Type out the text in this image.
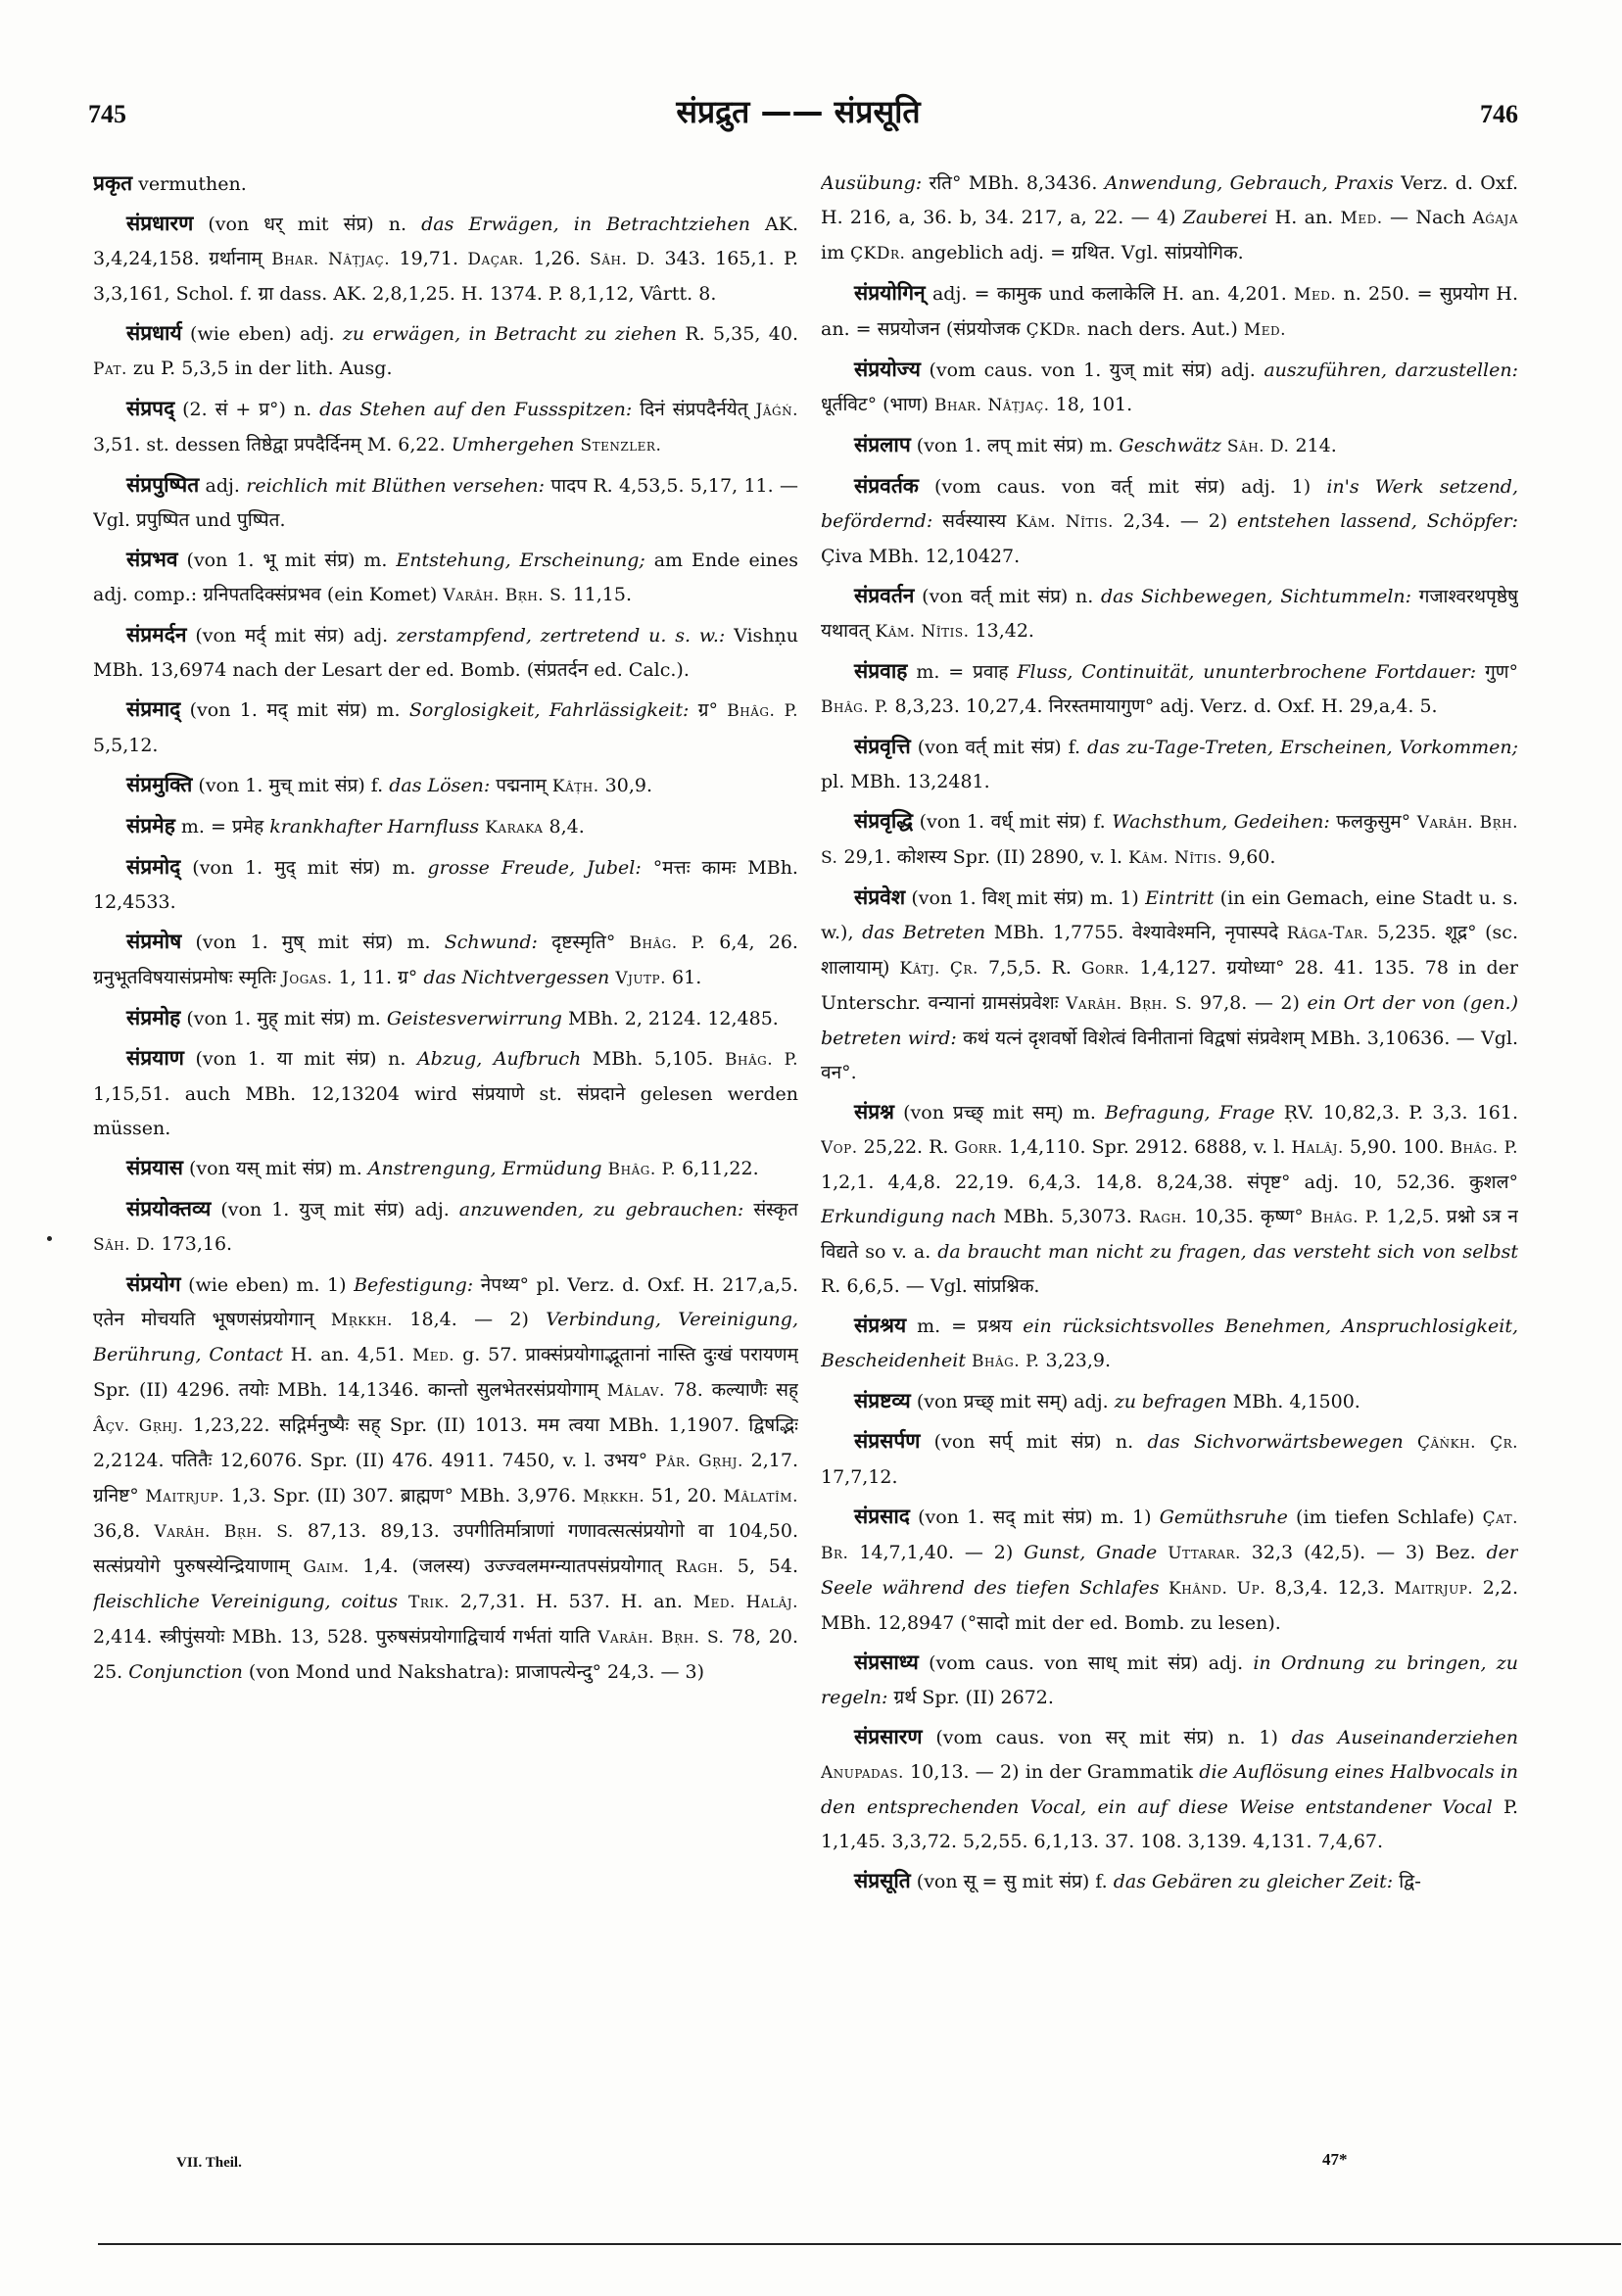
745	संप्रद्रुत —— संप्रसूति	746

प्रकृत vermuthen.

संप्रधारण (von धर् mit संप्र) n. das Erwägen, in Betrachtziehen AK. 3,4,24,158. ग्रर्थानाम् Bhar. Nâṭjaç. 19,71. Daçar. 1,26. Sâh. D. 343. 165,1. P. 3,3,161, Schol. f. ग्रा dass. AK. 2,8,1,25. H. 1374. P. 8,1,12, Vârtt. 8.

संप्रधार्य (wie eben) adj. zu erwägen, in Betracht zu ziehen R. 5,35, 40. Pat. zu P. 5,3,5 in der lith. Ausg.

संप्रपद् (2. सं + प्र°) n. das Stehen auf den Fussspitzen: दिनं संप्रपदैर्नयेत् Jâǵń. 3,51. st. dessen तिष्ठेद्वा प्रपदैर्दिनम् M. 6,22. Umhergehen Stenzler.

संप्रपुष्पित adj. reichlich mit Blüthen versehen: पादप R. 4,53,5. 5,17, 11. — Vgl. प्रपुष्पित und पुष्पित.

संप्रभव (von 1. भू mit संप्र) m. Entstehung, Erscheinung; am Ende eines adj. comp.: ग्रनिपतदिक्संप्रभव (ein Komet) Varâh. Bṛh. S. 11,15.

संप्रमर्दन (von मर्द् mit संप्र) adj. zerstampfend, zertretend u. s. w.: Vishṇu MBh. 13,6974 nach der Lesart der ed. Bomb. (संप्रतर्दन ed. Calc.).

संप्रमाद् (von 1. मद् mit संप्र) m. Sorglosigkeit, Fahrlässigkeit: ग्र° Bhâg. P. 5,5,12.

संप्रमुक्ति (von 1. मुच् mit संप्र) f. das Lösen: पद्मनाम् Kâṭh. 30,9.

संप्रमेह m. = प्रमेह krankhafter Harnfluss Karaka 8,4.

संप्रमोद् (von 1. मुद् mit संप्र) m. grosse Freude, Jubel: °मत्तः कामः MBh. 12,4533.

संप्रमोष (von 1. मुष् mit संप्र) m. Schwund: दृष्टस्मृति° Bhâg. P. 6,4, 26. ग्रनुभूतविषयासंप्रमोषः स्मृतिः Jogas. 1, 11. ग्र° das Nichtvergessen Vjutp. 61.

संप्रमोह (von 1. मुह् mit संप्र) m. Geistesverwirrung MBh. 2, 2124. 12,485.

संप्रयाण (von 1. या mit संप्र) n. Abzug, Aufbruch MBh. 5,105. Bhâg. P. 1,15,51. auch MBh. 12,13204 wird संप्रयाणे st. संप्रदाने gelesen werden müssen.

संप्रयास (von यस् mit संप्र) m. Anstrengung, Ermüdung Bhâg. P. 6,11,22.

संप्रयोक्तव्य (von 1. युज् mit संप्र) adj. anzuwenden, zu gebrauchen: संस्कृत Sâh. D. 173,16.

संप्रयोग (wie eben) m. 1) Befestigung: नेपथ्य° pl. Verz. d. Oxf. H. 217,a,5. एतेन मोचयति भूषणसंप्रयोगान् Mṛkkh. 18,4. — 2) Verbindung, Vereinigung, Berührung, Contact H. an. 4,51. Med. g. 57. प्राक्संप्रयोगाद्भूतानां नास्ति दुःखं परायणम् Spr. (II) 4296. तयोः MBh. 14,1346. कान्तो सुलभेतरसंप्रयोगाम् Mâlav. 78. कल्याणैः सह् Âçv. Gṛhj. 1,23,22. सद्गिर्मनुष्यैः सह् Spr. (II) 1013. मम त्वया MBh. 1,1907. द्विषद्भिः 2,2124. पतितैः 12,6076. Spr. (II) 476. 4911. 7450, v. l. उभय° Pâr. Gṛhj. 2,17. ग्रनिष्ट° Maitrjup. 1,3. Spr. (II) 307. ब्राह्मण° MBh. 3,976. Mṛkkh. 51, 20. Mâlatîm. 36,8. Varâh. Bṛh. S. 87,13. 89,13. उपगीतिर्मात्राणां गणावत्सत्संप्रयोगो वा 104,50. सत्संप्रयोगे पुरुषस्येन्द्रियाणाम् Gaim. 1,4. (जलस्य) उज्ज्वलमग्न्यातपसंप्रयोगात् Ragh. 5, 54. fleischliche Vereinigung, coitus Trik. 2,7,31. H. 537. H. an. Med. Halâj. 2,414. स्त्रीपुंसयोः MBh. 13, 528. पुरुषसंप्रयोगाद्विचार्य गर्भतां याति Varâh. Bṛh. S. 78, 20. 25. Conjunction (von Mond und Nakshatra): प्राजापत्येन्दु° 24,3. — 3)

Ausübung: रति° MBh. 8,3436. Anwendung, Gebrauch, Praxis Verz. d. Oxf. H. 216, a, 36. b, 34. 217, a, 22. — 4) Zauberei H. an. Med. — Nach Aǵaja im ÇKDr. angeblich adj. = ग्रथित. Vgl. सांप्रयोगिक.

संप्रयोगिन् adj. = कामुक und कलाकेलि H. an. 4,201. Med. n. 250. = सुप्रयोग H. an. = सप्रयोजन (संप्रयोजक ÇKDr. nach ders. Aut.) Med.

संप्रयोज्य (vom caus. von 1. युज् mit संप्र) adj. auszuführen, darzustellen: धूर्तविट° (भाण) Bhar. Nâṭjaç. 18, 101.

संप्रलाप (von 1. लप् mit संप्र) m. Geschwätz Sâh. D. 214.

संप्रवर्तक (vom caus. von वर्त् mit संप्र) adj. 1) in's Werk setzend, befördernd: सर्वस्यास्य Kâm. Nîtis. 2,34. — 2) entstehen lassend, Schöpfer: Çiva MBh. 12,10427.

संप्रवर्तन (von वर्त् mit संप्र) n. das Sichbewegen, Sichtummeln: गजाश्वरथपृष्ठेषु यथावत् Kâm. Nîtis. 13,42.

संप्रवाह m. = प्रवाह Fluss, Continuität, ununterbrochene Fortdauer: गुण° Bhâg. P. 8,3,23. 10,27,4. निरस्तमायागुण° adj. Verz. d. Oxf. H. 29,a,4. 5.

संप्रवृत्ति (von वर्त् mit संप्र) f. das zu-Tage-Treten, Erscheinen, Vorkommen; pl. MBh. 13,2481.

संप्रवृद्धि (von 1. वर्ध् mit संप्र) f. Wachsthum, Gedeihen: फलकुसुम° Varâh. Bṛh. S. 29,1. कोशस्य Spr. (II) 2890, v. l. Kâm. Nîtis. 9,60.

संप्रवेश (von 1. विश् mit संप्र) m. 1) Eintritt (in ein Gemach, eine Stadt u. s. w.), das Betreten MBh. 1,7755. वेश्यावेश्मनि, नृपास्पदे Râga-Tar. 5,235. शूद्र° (sc. शालायाम्) Kâtj. Çr. 7,5,5. R. Gorr. 1,4,127. ग्रयोध्या° 28. 41. 135. 78 in der Unterschr. वन्यानां ग्रामसंप्रवेशः Varâh. Bṛh. S. 97,8. — 2) ein Ort der von (gen.) betreten wird: कथं यत्नं दृशवर्षो विशेत्वं विनीतानां विद्वषां संप्रवेशम् MBh. 3,10636. — Vgl. वन°.

संप्रश्न (von प्रच्छ् mit सम्) m. Befragung, Frage ṚV. 10,82,3. P. 3,3. 161. Vop. 25,22. R. Gorr. 1,4,110. Spr. 2912. 6888, v. l. Halâj. 5,90. 100. Bhâg. P. 1,2,1. 4,4,8. 22,19. 6,4,3. 14,8. 8,24,38. संपृष्ट° adj. 10, 52,36. कुशल° Erkundigung nach MBh. 5,3073. Ragh. 10,35. कृष्ण° Bhâg. P. 1,2,5. प्रश्नो ऽत्र न विद्यते so v. a. da braucht man nicht zu fragen, das versteht sich von selbst R. 6,6,5. — Vgl. सांप्रश्निक.

संप्रश्रय m. = प्रश्रय ein rücksichtsvolles Benehmen, Anspruchlosigkeit, Bescheidenheit Bhâg. P. 3,23,9.

संप्रष्टव्य (von प्रच्छ् mit सम्) adj. zu befragen MBh. 4,1500.

संप्रसर्पण (von सर्प् mit संप्र) n. das Sichvorwärtsbewegen Çâṅkh. Çr. 17,7,12.

संप्रसाद (von 1. सद् mit संप्र) m. 1) Gemüthsruhe (im tiefen Schlafe) Çat. Br. 14,7,1,40. — 2) Gunst, Gnade Uttarar. 32,3 (42,5). — 3) Bez. der Seele während des tiefen Schlafes Khând. Up. 8,3,4. 12,3. Maitrjup. 2,2. MBh. 12,8947 (°सादो mit der ed. Bomb. zu lesen).

संप्रसाध्य (vom caus. von साध् mit संप्र) adj. in Ordnung zu bringen, zu regeln: ग्रर्थ Spr. (II) 2672.

संप्रसारण (vom caus. von सर् mit संप्र) n. 1) das Auseinanderziehen Anupadas. 10,13. — 2) in der Grammatik die Auflösung eines Halbvocals in den entsprechenden Vocal, ein auf diese Weise entstandener Vocal P. 1,1,45. 3,3,72. 5,2,55. 6,1,13. 37. 108. 3,139. 4,131. 7,4,67.

संप्रसूति (von सू = सु mit संप्र) f. das Gebären zu gleicher Zeit: द्वि-

VII. Theil.	47*
